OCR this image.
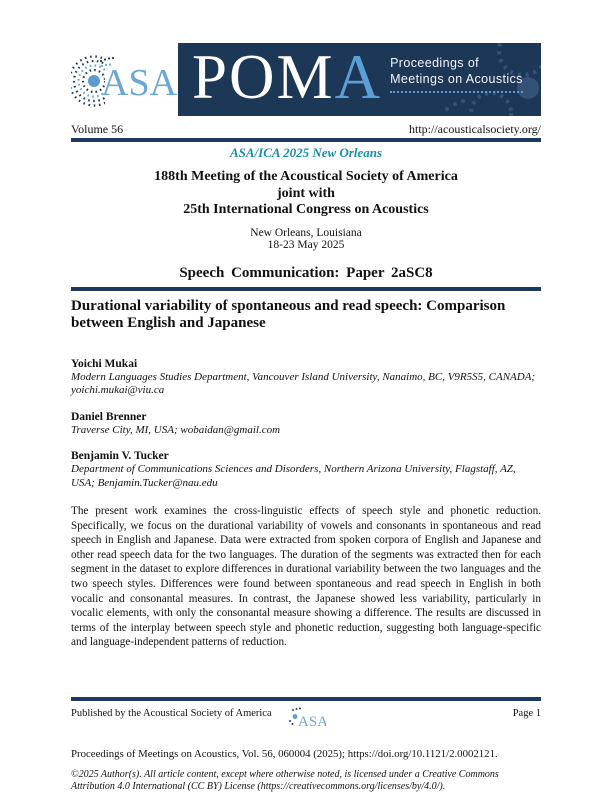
ASA POMA Proceedings of
Meetings on Acoustics
Volume 56	http://acousticalsociety.org/
ASA/ICA 2025 New Orleans
188th Meeting of the Acoustical Society of America
joint with
25th International Congress on Acoustics
New Orleans, Louisiana
18-23 May 2025
Speech Communication: Paper 2aSC8
Durational variability of spontaneous and read speech: Comparison between English and Japanese
Yoichi Mukai
Modern Languages Studies Department, Vancouver Island University, Nanaimo, BC, V9R5S5, CANADA; yoichi.mukai@viu.ca
Daniel Brenner
Traverse City, MI, USA; wobaidan@gmail.com
Benjamin V. Tucker
Department of Communications Sciences and Disorders, Northern Arizona University, Flagstaff, AZ, USA; Benjamin.Tucker@nau.edu
The present work examines the cross-linguistic effects of speech style and phonetic reduction. Specifically, we focus on the durational variability of vowels and consonants in spontaneous and read speech in English and Japanese. Data were extracted from spoken corpora of English and Japanese and other read speech data for the two languages. The duration of the segments was extracted then for each segment in the dataset to explore differences in durational variability between the two languages and the two speech styles. Differences were found between spontaneous and read speech in English in both vocalic and consonantal measures. In contrast, the Japanese showed less variability, particularly in vocalic elements, with only the consonantal measure showing a difference. The results are discussed in terms of the interplay between speech style and phonetic reduction, suggesting both language-specific and language-independent patterns of reduction.
Published by the Acoustical Society of America
ASA
Page 1
Proceedings of Meetings on Acoustics, Vol. 56, 060004 (2025); https://doi.org/10.1121/2.0002121.
©2025 Author(s). All article content, except where otherwise noted, is licensed under a Creative Commons Attribution 4.0 International (CC BY) License (https://creativecommons.org/licenses/by/4.0/).
